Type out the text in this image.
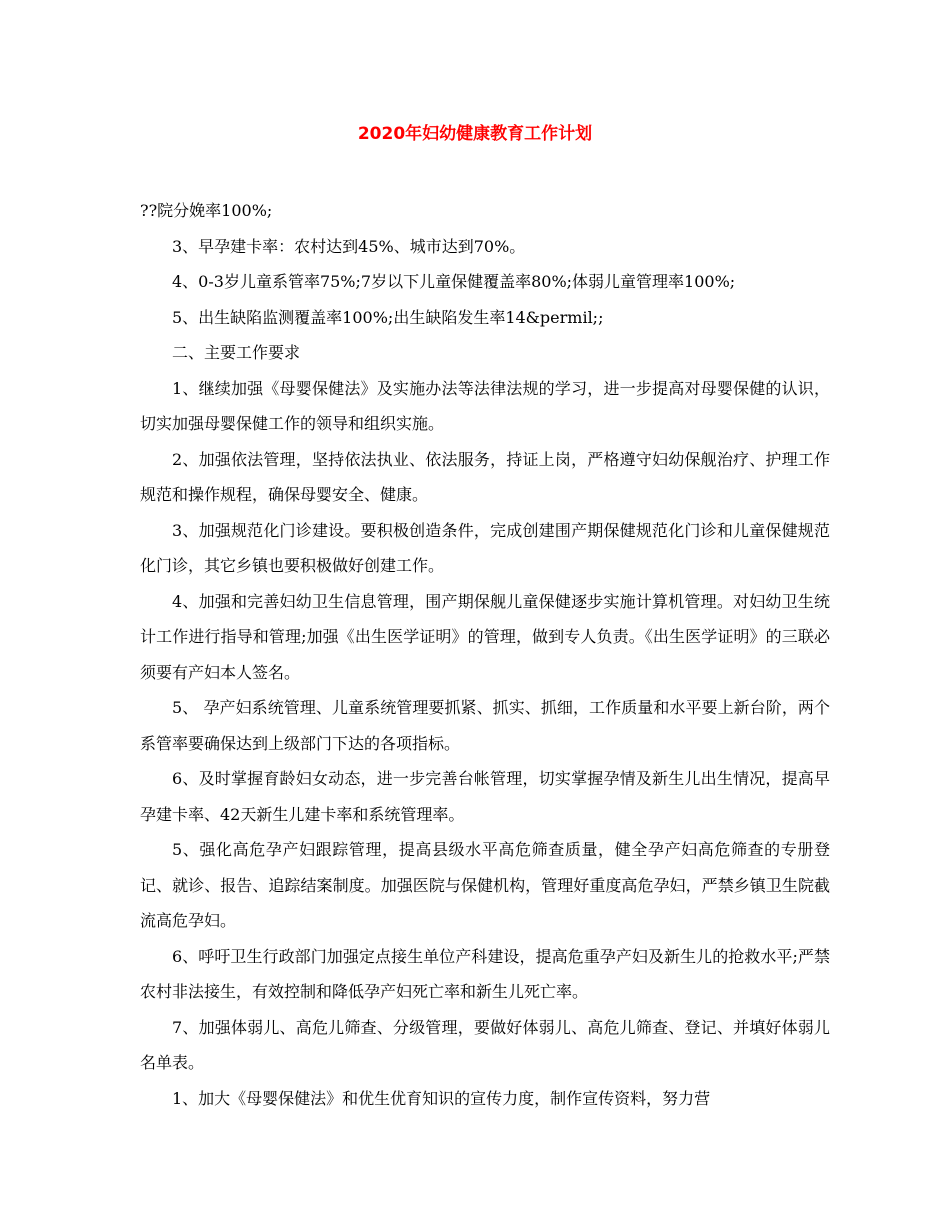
2020年妇幼健康教育工作计划

??院分娩率100%;

3、早孕建卡率：农村达到45%、城市达到70%。

4、0-3岁儿童系管率75%;7岁以下儿童保健覆盖率80%;体弱儿童管理率100%;

5、出生缺陷监测覆盖率100%;出生缺陷发生率14&permil;;

二、主要工作要求

1、继续加强《母婴保健法》及实施办法等法律法规的学习，进一步提高对母婴保健的认识，切实加强母婴保健工作的领导和组织实施。

2、加强依法管理，坚持依法执业、依法服务，持证上岗，严格遵守妇幼保舰治疗、护理工作规范和操作规程，确保母婴安全、健康。

3、加强规范化门诊建设。要积极创造条件，完成创建围产期保健规范化门诊和儿童保健规范化门诊，其它乡镇也要积极做好创建工作。

4、加强和完善妇幼卫生信息管理，围产期保舰儿童保健逐步实施计算机管理。对妇幼卫生统计工作进行指导和管理;加强《出生医学证明》的管理，做到专人负责。《出生医学证明》的三联必须要有产妇本人签名。

5、 孕产妇系统管理、儿童系统管理要抓紧、抓实、抓细，工作质量和水平要上新台阶，两个系管率要确保达到上级部门下达的各项指标。

6、及时掌握育龄妇女动态，进一步完善台帐管理，切实掌握孕情及新生儿出生情况，提高早孕建卡率、42天新生儿建卡率和系统管理率。

5、强化高危孕产妇跟踪管理，提高县级水平高危筛查质量，健全孕产妇高危筛查的专册登记、就诊、报告、追踪结案制度。加强医院与保健机构，管理好重度高危孕妇，严禁乡镇卫生院截流高危孕妇。

6、呼吁卫生行政部门加强定点接生单位产科建设，提高危重孕产妇及新生儿的抢救水平;严禁农村非法接生，有效控制和降低孕产妇死亡率和新生儿死亡率。

7、加强体弱儿、高危儿筛查、分级管理，要做好体弱儿、高危儿筛查、登记、并填好体弱儿名单表。

1、加大《母婴保健法》和优生优育知识的宣传力度，制作宣传资料，努力营
